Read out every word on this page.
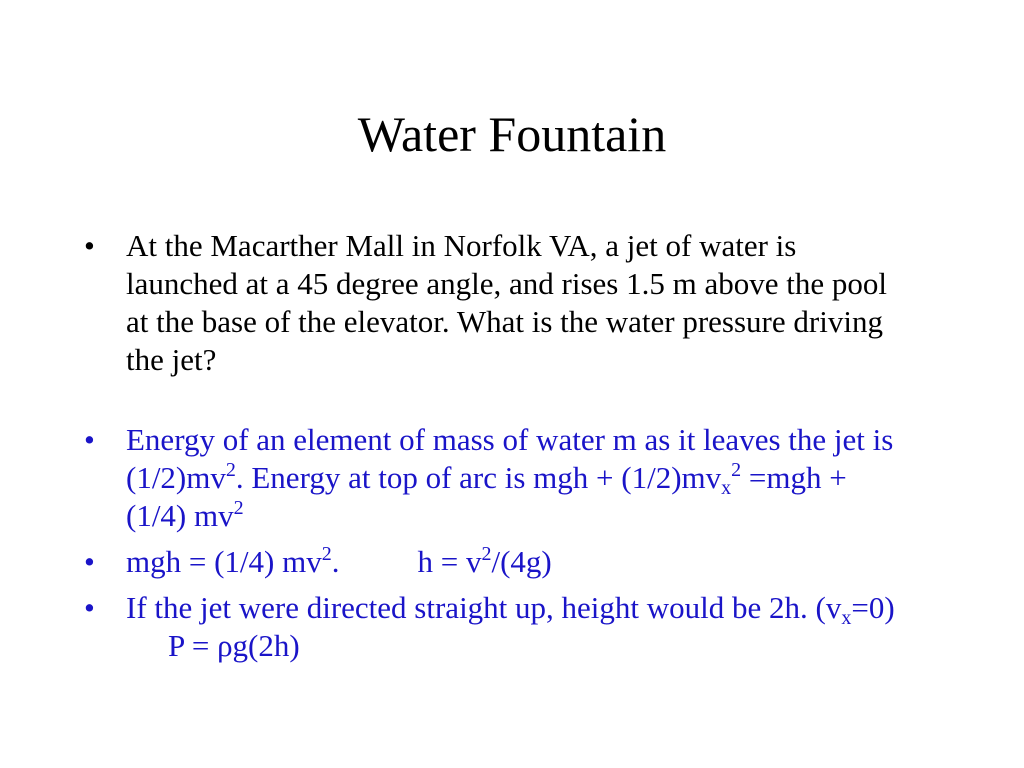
Water Fountain
• At the Macarther Mall in Norfolk VA, a jet of water is launched at a 45 degree angle, and rises 1.5 m above the pool at the base of the elevator. What is the water pressure driving the jet?
• Energy of an element of mass of water m as it leaves the jet is $(1/2)mv^2$. Energy at top of arc is mgh + $(1/2)mv_x^2 =mgh + (1/4)$ $mv^2$
• mgh = (1/4) $mv^2$.	$h = v^2/(4g)$
• If the jet were directed straight up, height would be 2h. $(v_x=0)P = \rho g(2h)$
